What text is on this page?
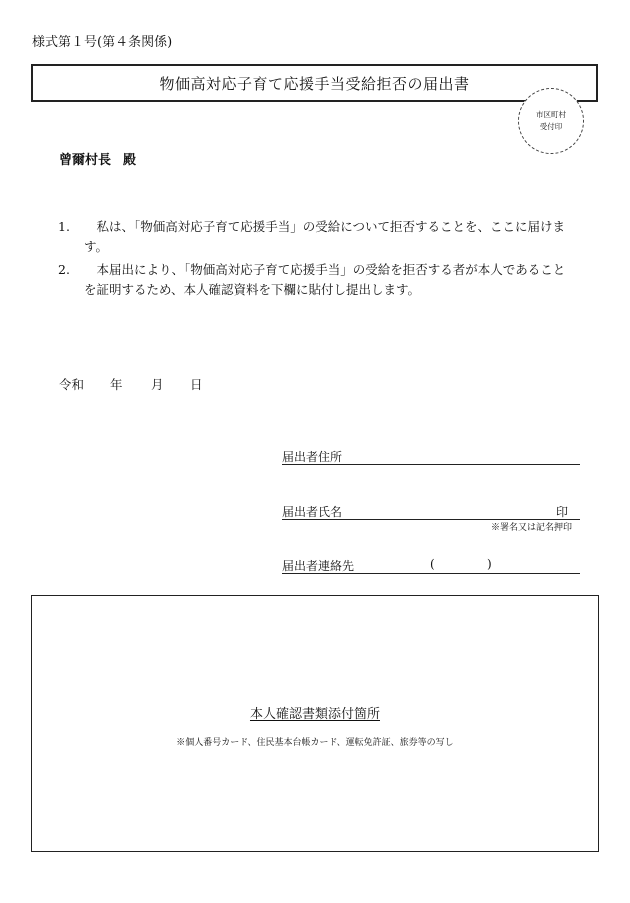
様式第１号(第４条関係)
物価高対応子育て応援手当受給拒否の届出書
市区町村
受付印
曾爾村長 殿
1.	私は、「物価高対応子育て応援手当」の受給について拒否することを、ここに届けます。
2.	本届出により、「物価高対応子育て応援手当」の受給を拒否する者が本人であることを証明するため、本人確認資料を下欄に貼付し提出します。
令和 年 月 日
届出者住所
届出者氏名	印
※署名又は記名押印
届出者連絡先	(	)
本人確認書類添付箇所
※個人番号カード、住民基本台帳カード、運転免許証、旅券等の写し
